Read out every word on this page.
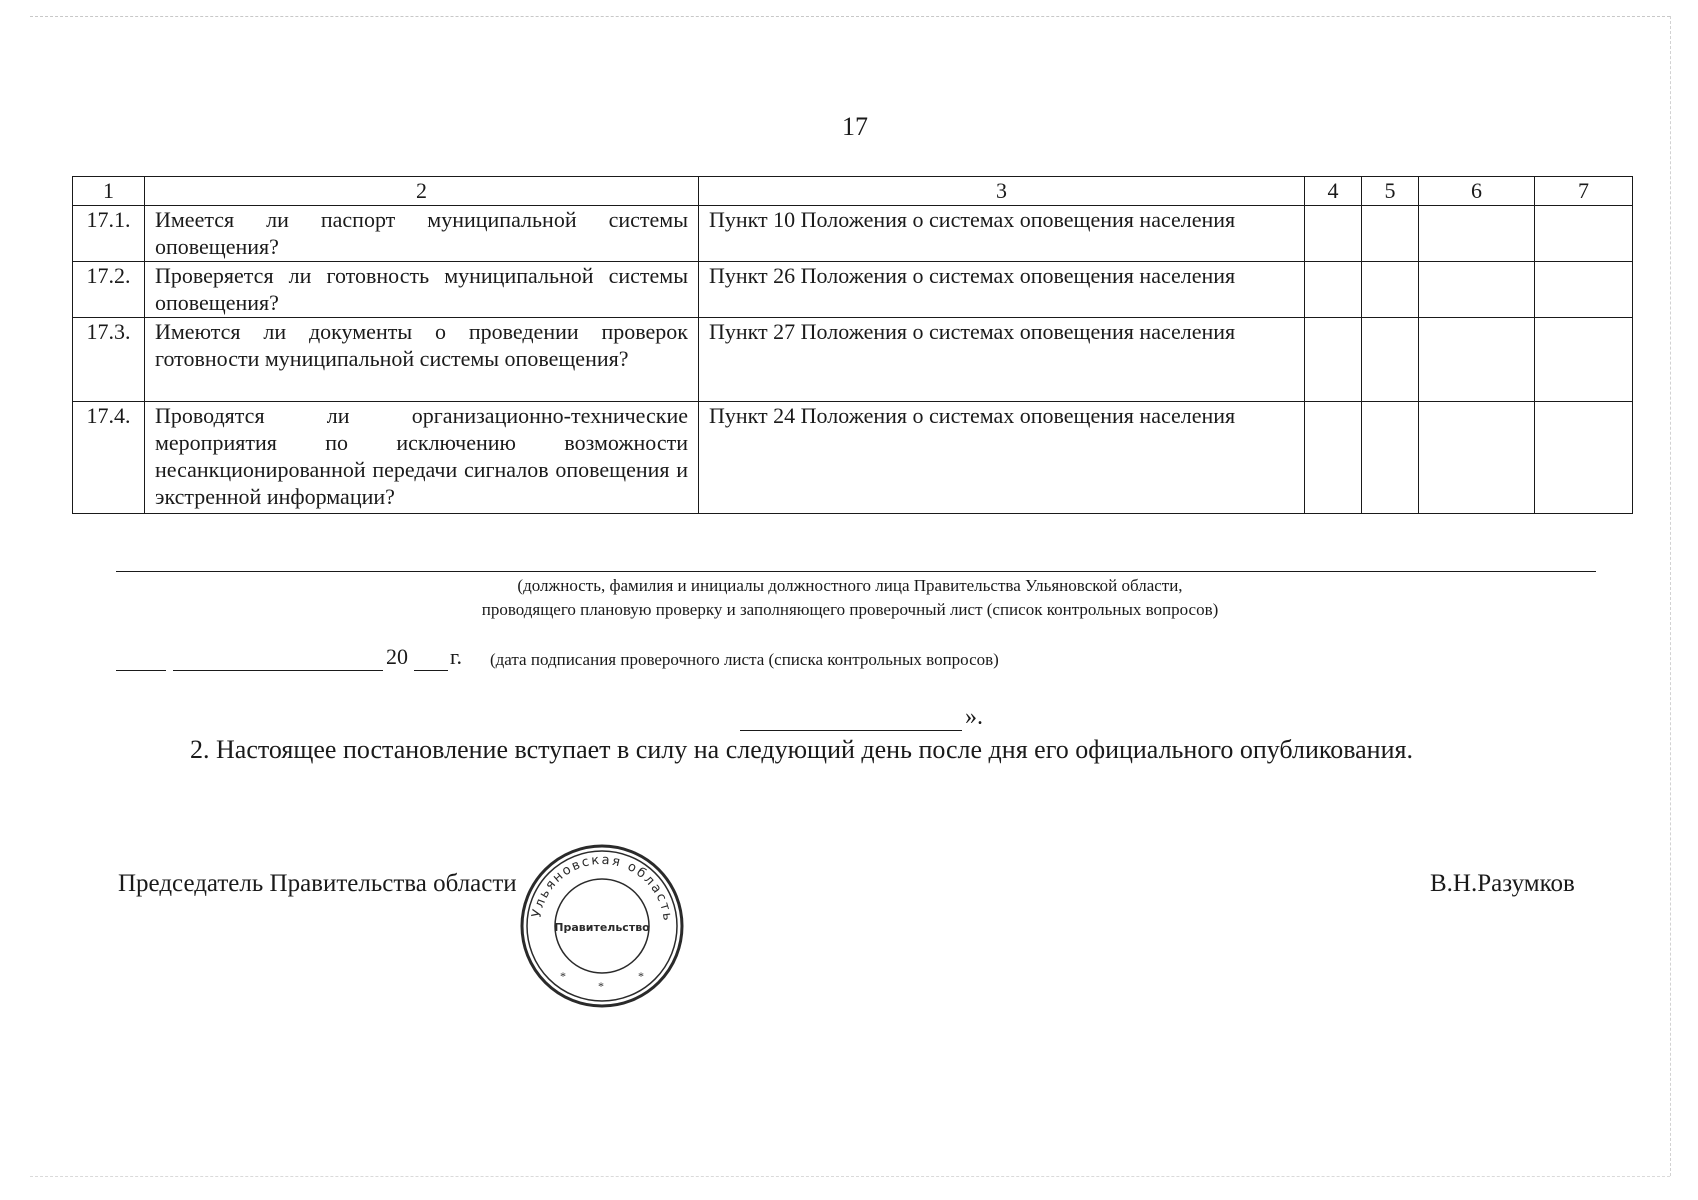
17
1	2	3	4	5	6	7
17.1.	Имеется ли паспорт муниципальной системы оповещения?	Пункт 10 Положения о системах оповещения населения				
17.2.	Проверяется ли готовность муниципальной системы оповещения?	Пункт 26 Положения о системах оповещения населения				
17.3.	Имеются ли документы о проведении проверок готовности муниципальной системы оповещения?	Пункт 27 Положения о системах оповещения населения				
17.4.	Проводятся ли организационно-технические мероприятия по исключению возможности несанкционированной передачи сигналов оповещения и экстренной информации?	Пункт 24 Положения о системах оповещения населения				
(должность, фамилия и инициалы должностного лица Правительства Ульяновской области,
проводящего плановую проверку и заполняющего проверочный лист (список контрольных вопросов)
20 г. (дата подписания проверочного листа (списка контрольных вопросов)
».
2. Настоящее постановление вступает в силу на следующий день после дня его официального опубликования.
Председатель Правительства области	В.Н.Разумков
Ульяновская область
Правительство
*
*
*
